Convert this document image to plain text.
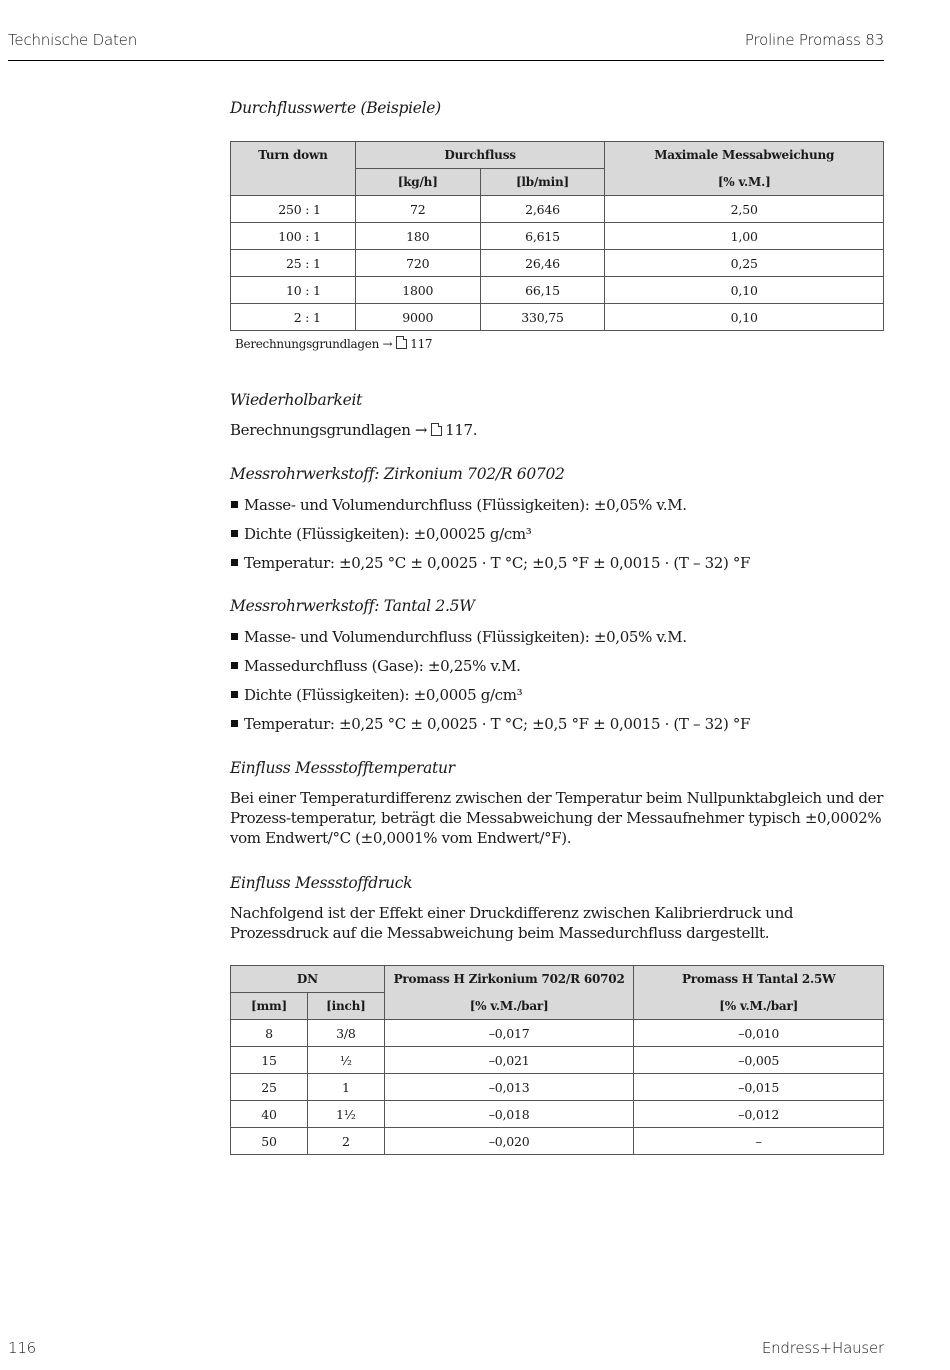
Technische Daten	Proline Promass 83
Durchflusswerte (Beispiele)
Turn down	Durchfluss		Maximale Messabweichung
	[kg/h]	[lb/min]	[% v.M.]
250 : 1	72	2,646	2,50
100 : 1	180	6,615	1,00
25 : 1	720	26,46	0,25
10 : 1	1800	66,15	0,10
2 : 1	9000	330,75	0,10
Berechnungsgrundlagen → 117
Wiederholbarkeit
Berechnungsgrundlagen → 117.
Messrohrwerkstoff: Zirkonium 702/R 60702
Masse- und Volumendurchfluss (Flüssigkeiten): ±0,05% v.M.
Dichte (Flüssigkeiten): ±0,00025 g/cm³
Temperatur: ±0,25 °C ± 0,0025 · T °C; ±0,5 °F ± 0,0015 · (T – 32) °F
Messrohrwerkstoff: Tantal 2.5W
Masse- und Volumendurchfluss (Flüssigkeiten): ±0,05% v.M.
Massedurchfluss (Gase): ±0,25% v.M.
Dichte (Flüssigkeiten): ±0,0005 g/cm³
Temperatur: ±0,25 °C ± 0,0025 · T °C; ±0,5 °F ± 0,0015 · (T – 32) °F
Einfluss Messstofftemperatur
Bei einer Temperaturdifferenz zwischen der Temperatur beim Nullpunktabgleich und der Prozess-temperatur, beträgt die Messabweichung der Messaufnehmer typisch ±0,0002% vom Endwert/°C (±0,0001% vom Endwert/°F).
Einfluss Messstoffdruck
Nachfolgend ist der Effekt einer Druckdifferenz zwischen Kalibrierdruck und Prozessdruck auf die Messabweichung beim Massedurchfluss dargestellt.
DN		Promass H Zirkonium 702/R 60702	Promass H Tantal 2.5W
[mm]	[inch]	[% v.M./bar]	[% v.M./bar]
8	3/8	–0,017	–0,010
15	½	–0,021	–0,005
25	1	–0,013	–0,015
40	1½	–0,018	–0,012
50	2	–0,020	–
116	Endress+Hauser
